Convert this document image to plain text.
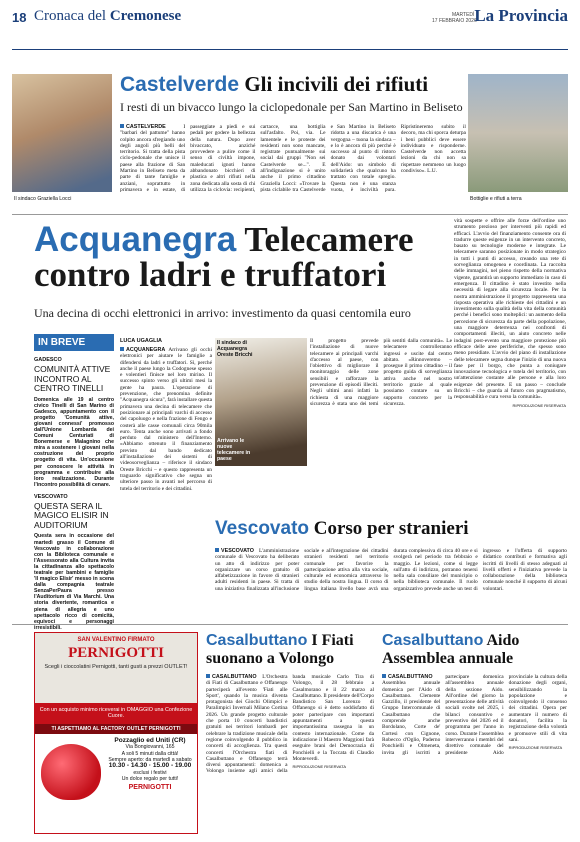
18 Cronaca del Cremonese	MARTEDÌ
17 FEBBRAIO 2026
La Provincia
Il sindaco Graziella Locci
Castelverde Gli incivili dei rifiuti
I resti di un bivacco lungo la ciclopedonale per San Martino in Beliseto
CASTELVERDE	I "barbari del pattume" hanno colpito ancora sfregiando uno degli angoli più belli del territorio. Si tratta della pista ciclo-pedonale che unisce il paese alla frazione di San Martino in Beliseto meta da parte di tante famiglie e anziani, soprattutto in primavera e in estate, di passeggiate a piedi e sui pedali per godere la bellezza della natura. Dopo aver bivaccato, anziché provvedere a pulire come il senso di civiltà impone, maleducati ignoti hanno abbandonato bicchieri di plastica e altri rifiuti nella zona dedicata alla sosta di chi utilizza la ciclovia: recipienti, cartacce, una bottiglia sull'asfalto. Poi, via. Le lamentele e le proteste dei residenti non sono mancate, registrate puntualmente sui social dai gruppi "Non sei Castelverde se...". E all'indignazione si è unito anche il primo cittadino Graziella Locci: «Trovare la pista ciclabile tra Castelverde e San Martino in Beliseto ridotta a una discarica è una vergogna – tuona la sindaca – e lo è ancora di più perché è successo al punto di ristoro donato dai volontari dell'Aido: un simbolo di solidarietà che qualcuno ha trattato con totale spregio. Questa non è una stanza vuota, è inciviltà pura. Ripristineremo subito il decoro, ma chi sporca deturpa i beni pubblici deve essere individuato e risponderne. Castelverde non accetta lezioni da chi non sa rispettare nemmeno un luogo condiviso». L.U.
Bottiglie e rifiuti a terra
Acquanegra Telecamere contro ladri e truffatori
Una decina di occhi elettronici in arrivo: investimento da quasi centomila euro
vità sospette e offrire alle forze dell'ordine uno strumento prezioso per interventi più rapidi ed efficaci. L'avvio del finanziamento consente ora di tradurre queste esigenze in un intervento concreto, basato su tecnologie moderne e integrate. Le telecamere saranno posizionate in modo strategico in tutti i punti di accesso, creando una rete di sorveglianza omogenea e coordinata. La raccolta delle immagini, nel pieno rispetto della normativa vigente, garantirà un supporto immediato in caso di emergenza. Il cittadino è stato investito nella necessità di legare alla sicurezza locale. Per la nostra amministrazione il progetto rappresenta una risposta operativa alle richieste dei cittadini e un investimento sulla qualità della vita della comunità perché i benefici sono molteplici: un aumento della percezione di sicurezza da parte della popolazione, una maggiore deterrenza nei confronti di comportamenti illeciti, un aiuto concreto nelle indagini post-evento una maggiore protezione più efficace delle aree periferiche, che spesso sono meno presidiate. L'avvio del piano di installazione delle telecamere segna dunque l'inizio di una nuova fase per il borgo, che punta a coniugare innovazione tecnologica e tutela del territorio, con un'attenzione costante alle persone e alla loro esigenze del presente. E un passo – conclude Bricchi – che guarda al futuro con pragmatismo, responsabilità e cura verso la comunità».
RIPRODUZIONE RISERVATA
IN BREVE
GADESCO
COMUNITÀ ATTIVE INCONTRO AL CENTRO TINELLI

Domenica alle 19 al centro civico Tinelli di San Marino di Gadesco, appuntamento con il progetto 'Comunità attive, giovani connessi' promosso dall'Unione Lombarda dei Comuni Centuriati di Bonemerse e Malagnino che mira a sostenere i giovani nella costruzione del proprio progetto di vita. Un'occasione per conoscere le attività in programma e contribuire alla loro realizzazione. Durante l'incontro possibilità di cenare.

VESCOVATO
QUESTA SERA IL MAGICO ELISIR IN AUDITORIUM

Questa sera in occasione del martedì grasso il Comune di Vescovato in collaborazione con la Biblioteca comunale e l'Assessorato alla Cultura invita la cittadinanza allo spettacolo teatrale per bambini e famiglie 'Il magico Elisir' messo in scena dalla compagnia teatrale SenzaPerPaura presso l'Auditorium di Via Marchi. Una storia divertente, romantica e piena di allegria e uno spettacolo ricco di comicità, equivoci e personaggi irresistibili.

LUCA UGAGLIA
ACQUANEGRA Arrivano gli occhi elettronici per aiutare le famiglie a difendersi da ladri e truffatori. Sì, perché anche il paese lungo la Codognese spesso e volentieri finisce nel loro mirino. Il successo spinto verso gli ultimi mesi la gente ha paura. L'operazione di prevenzione, che prenomina definite "Acquanegra sicura", farà installare questa primavera una decina di telecamere che posizionare ai principali varchi di accesso del capoluogo e nella frazione di Fengo e costerà alle casse comunali circa 90mila euro. Tenta anche sono arrivati a fondo perduto dal ministero dell'Interno. «Abbiamo ottenuto il finanziamento previsto dal bando dedicato all'installazione dei sistemi di videosorveglianza – riferisce il sindaco Oreste Bricchi – e questo rappresenta un traguardo significativo che segna un ulteriore passo in avanti nel percorso di tutela del territorio e dei cittadini.
Il sindaco di Acquanegra Oreste Bricchi
Arrivano le nuove telecamere in paese
Il progetto prevede l'installazione di nuove telecamere ai principali varchi d'accesso al paese, con l'obiettivo di migliorare il monitoraggio delle zone sensibili e rafforzare la prevenzione di episodi illeciti. Negli ultimi anni infatti la richiesta di una maggiore sicurezza è stata uno dei temi più sentiti dalla comunità». Le telecamere controlleranno ingressi e uscite dal centro abitato. «Rinnoveremo – prosegue il primo cittadino – il progetto guida di sorveglianza attiva anche nel nostro territorio grazie al quale possiamo contare su un supporto concreto per la sicurezza.
Vescovato Corso per stranieri
VESCOVATO L'amministrazione comunale di Vescovato ha deliberato un atto di indirizzo per poter organizzare un corso gratuito di alfabetizzazione in favore di stranieri adulti residenti in paese. Si tratta di una iniziativa finalizzata all'inclusione sociale e all'integrazione dei cittadini stranieri residenti nel territorio comunale per favorire la partecipazione attiva alla vita sociale, culturale ed economica attraverso lo studio della nostra lingua. Il corso di lingua italiana livello base avrà una durata complessiva di circa 40 ore e si svolgerà nel periodo tra febbraio e maggio. Le lezioni, come si legge sull'atto di indirizzo, potranno tenersi nella sala consiliare del municipio o nella biblioteca comunale. Il ruolo organizzativo prevede anche un test di ingresso e l'offerta di supporto didattico contributi e formativa agli iscritti di livelli di stesso adeguati al livelli offerti e l'iniziativa prevede la collaborazione della biblioteca comunale nonché il supporto di alcuni volontari.
SAN VALENTINO FIRMATO
PERNIGOTTI
Scegli i cioccolatini Pernigotti, tanti gusti a prezzi OUTLET!
Con un acquisto minimo riceverai in OMAGGIO una Confezione Cuore.
TI ASPETTIAMO AL FACTORY OUTLET PERNIGOTTI
Pozzaglio ed Uniti (CR)
Via Bongiovanni, 165
A soli 5 minuti dalla città!
Sempre aperto: da martedì a sabato
10.30 - 14.30 · 15.00 - 19.00
esclusi i festivi
Un dolce regalo per tutti!
PERNIGOTTI
Casalbuttano I Fiati suonano a Volongo
CASALBUTTANO L'Orchestra di Fiati di Casalbuttano e Offanengo parteciperà all'evento 'Fiati alle Sport', quando la musica diventa protagonista dei Giochi Olimpici e Paralimpici Invernali Milano Cortina 2026. Un grande progetto culturale che porta 10 concerti bandistici gratuiti nei territori lombardi per celebrare la tradizione musicale della regione coinvolgendo il pubblico in concerti di accoglienza. Tra questi concerti l'Orchestra fiati di Casalbuttano e Offanengo terrà diversi appuntamenti: domenica a Volongo insieme agli amici della banda musicale Carlo Tira di Volongo, il 28 febbraio a Casalmorano e il 22 marzo al Casalbuttano. Il presidente dell'Corpo Bandistico San Lorenzo di Offanengo si è detto soddisfatto di poter partecipare con importanti appuntamenti a questa importantissima rassegna in un contesto internazionale. Come da indicazione il Maestro Maggioni farà eseguire brani del Democrazia di Ponchielli e la Toccata di Claudio Monteverdi.
RIPRODUZIONE RISERVATA
Casalbuttano Aido Assemblea annuale
CASALBUTTANO Assemblea annuale domenica per l'Aido di Casalbuttano. Clemente Gazzillo, il presidente del Gruppo Intercomunale di Casalbuttano che comprende anche Bordolano, Corte de' Cortesi con Cignone, Robecco d'Oglio, Paderno Ponchielli e Olmeneta, invita gli iscritti a partecipare domenica all'assemblea annuale della sezione Aido. All'ordine del giorno la presentazione delle attività sociali svolte nel 2025, i bilanci consuntivo e preventivo del 2026 ed il programma per l'anno in corso. Durante l'assemblea interverranno i membri del direttivo comunale del presidente Aido provinciale la cultura della donazione degli organi, sensibilizzando la popolazione e coinvolgendo il consenso dei cittadini. Opera per aumentare il numero di donatori, facilita la registrazione della volontà e promuove stili di vita sani.
RIPRODUZIONE RISERVATA
